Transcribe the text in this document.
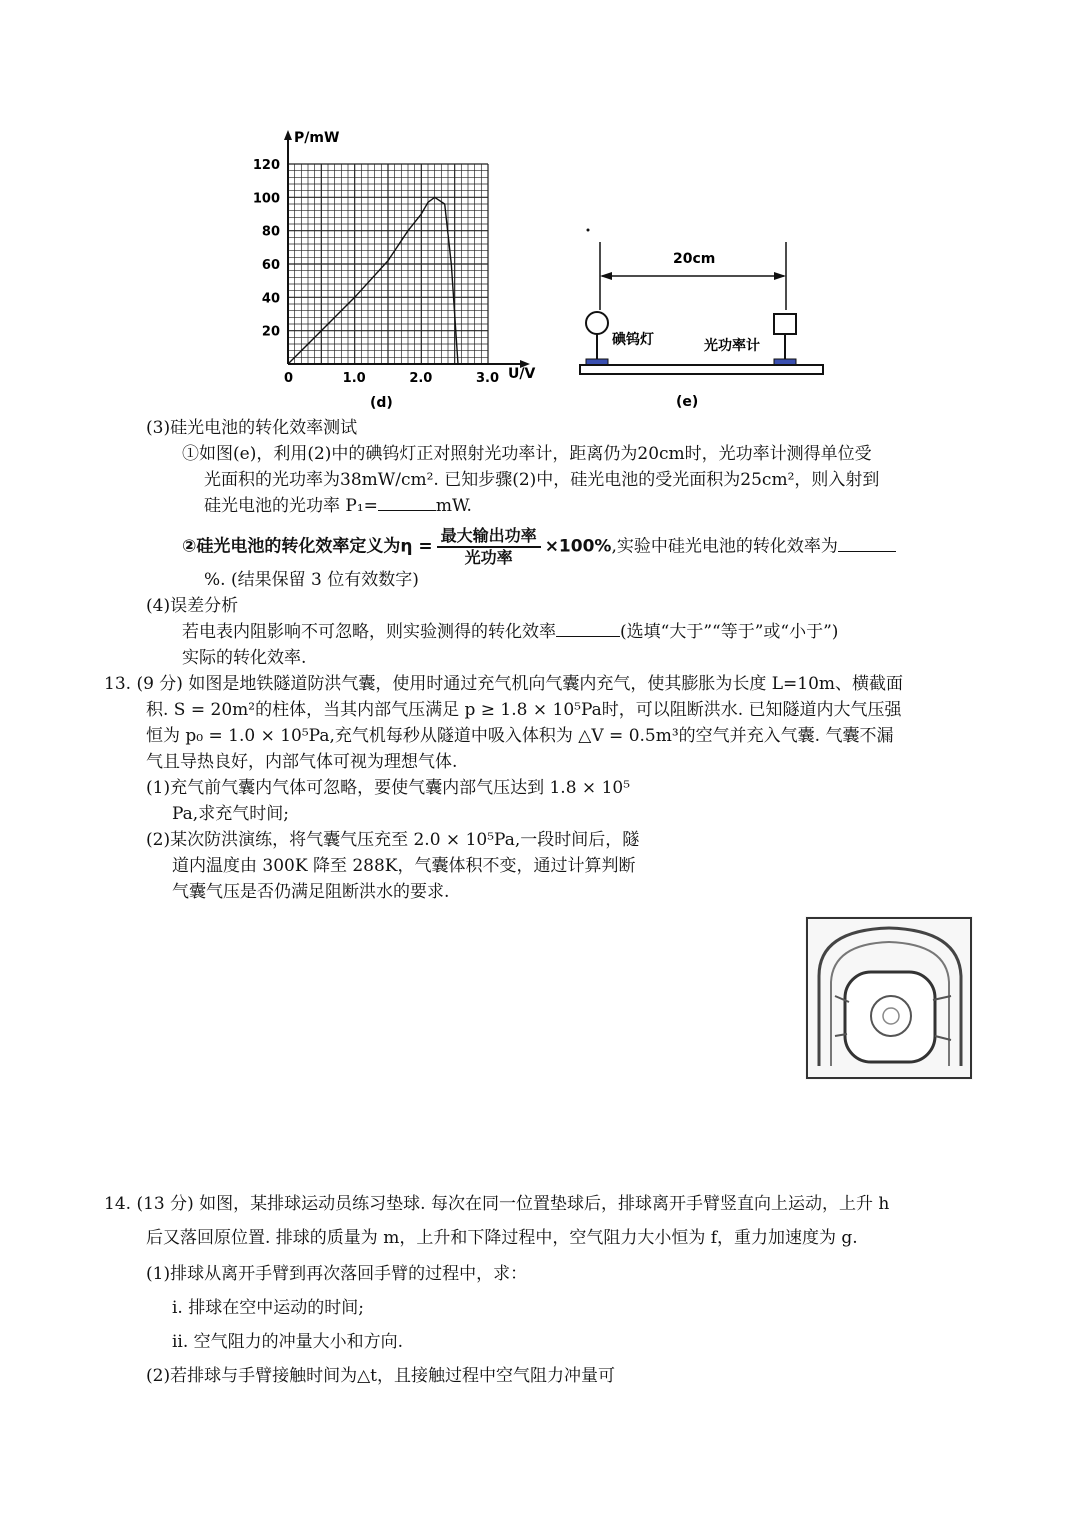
0	1.0	2.0	3.0
20
40
60
80
100
120
P/mW
U/V
(d)
20cm
碘钨灯	光功率计
(e)
(3)硅光电池的转化效率测试
①如图(e)，利用(2)中的碘钨灯正对照射光功率计，距离仍为20cm时，光功率计测得单位受
光面积的光功率为38mW/cm². 已知步骤(2)中，硅光电池的受光面积为25cm²，则入射到
硅光电池的光功率 P₁=	mW.
②硅光电池的转化效率定义为$\eta = \frac{\text{最大输出功率}}{\text{光功率}} \times 100\%$,实验中硅光电池的转化效率为
%. (结果保留 3 位有效数字)
(4)误差分析
若电表内阻影响不可忽略，则实验测得的转化效率	(选填“大于”“等于”或“小于”)
实际的转化效率.
13. (9 分) 如图是地铁隧道防洪气囊，使用时通过充气机向气囊内充气，使其膨胀为长度 L=10m、横截面
积. S = 20m²的柱体，当其内部气压满足 p ≥ 1.8 × 10⁵Pa时，可以阻断洪水. 已知隧道内大气压强
恒为 p₀ = 1.0 × 10⁵Pa,充气机每秒从隧道中吸入体积为 △V = 0.5m³的空气并充入气囊. 气囊不漏
气且导热良好，内部气体可视为理想气体.
(1)充气前气囊内气体可忽略，要使气囊内部气压达到 1.8 × 10⁵
Pa,求充气时间;
(2)某次防洪演练，将气囊气压充至 2.0 × 10⁵Pa,一段时间后，隧
道内温度由 300K 降至 288K，气囊体积不变，通过计算判断
气囊气压是否仍满足阻断洪水的要求.
14. (13 分) 如图，某排球运动员练习垫球. 每次在同一位置垫球后，排球离开手臂竖直向上运动，上升 h
后又落回原位置. 排球的质量为 m，上升和下降过程中，空气阻力大小恒为 f，重力加速度为 g.
(1)排球从离开手臂到再次落回手臂的过程中，求：
i. 排球在空中运动的时间;
ii. 空气阻力的冲量大小和方向.
(2)若排球与手臂接触时间为△t，且接触过程中空气阻力冲量可
